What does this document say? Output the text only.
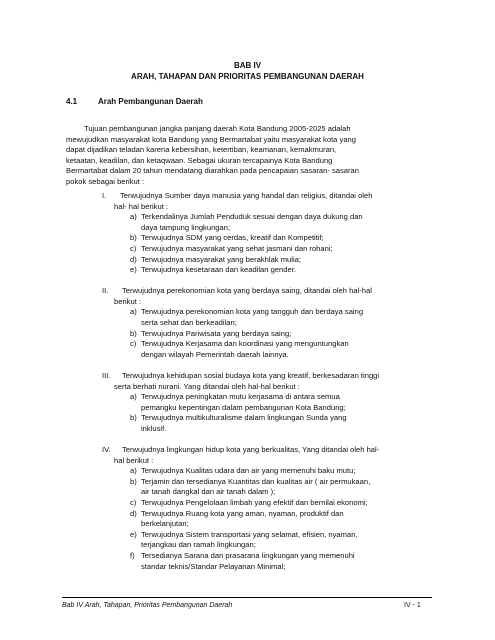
BAB IV
ARAH, TAHAPAN DAN PRIORITAS PEMBANGUNAN DAERAH
4.1	Arah Pembangunan Daerah
Tujuan pembangunan jangka panjang daerah Kota Bandung 2005-2025 adalah
mewujudkan masyarakat kota Bandung yang Bermartabat yaitu masyarakat kota yang
dapat dijadikan teladan karena kebersihan, ketertiban, keamanan, kemakmuran,
ketaatan, keadilan, dan ketaqwaan. Sebagai ukuran tercapainya Kota Bandung
Bermartabat dalam 20 tahun mendatang diarahkan pada pencapaian sasaran- sasaran
pokok sebagai berikut :
I.	Terwujudnya Sumber daya manusia yang handal dan religius, ditandai oleh
hal- hal berikut :
a) Terkendalinya Jumlah Penduduk sesuai dengan daya dukung dan
daya tampung lingkungan;
b) Terwujudnya SDM yang cerdas, kreatif dan Kompetitif;
c) Terwujudnya masyarakat yang sehat jasmani dan rohani;
d) Terwujudnya masyarakat yang berakhlak mulia;
e) Terwujudnya kesetaraan dan keadilan gender.
II.	Terwujudnya perekonomian kota yang berdaya saing, ditandai oleh hal-hal
berikut :
a) Terwujudnya perekonomian kota yang tangguh dan berdaya saing
serta sehat dan berkeadilan;
b) Terwujudnya Pariwisata yang berdaya saing;
c) Terwujudnya Kerjasama dan koordinasi yang menguntungkan
dengan wilayah Pemerintah daerah lainnya.
III.	Terwujudnya kehidupan sosial budaya kota yang kreatif, berkesadaran tinggi
serta berhati nurani. Yang ditandai oleh hal-hal berikut :
a) Terwujudnya peningkatan mutu kerjasama di antara semua
pemangku kepentingan dalam pembangunan Kota Bandung;
b) Terwujudnya multikulturalisme dalam lingkungan Sunda yang
inklusif.
IV.	Terwujudnya lingkungan hidup kota yang berkualitas, Yang ditandai oleh hal-
hal berikut :
a) Terwujudnya Kualitas udara dan air yang memenuhi baku mutu;
b) Terjamin dan tersedianya Kuantitas dan kualitas air ( air permukaan,
air tanah dangkal dan air tanah dalam );
c) Terwujudnya Pengelolaan limbah yang efektif dan bernilai ekonomi;
d) Terwujudnya Ruang kota yang aman, nyaman, produktif dan
berkelanjutan;
e) Terwujudnya Sistem transportasi yang selamat, efisien, nyaman,
terjangkau dan ramah lingkungan;
f) Tersedianya Sarana dan prasarana lingkungan yang memenuhi
standar teknis/Standar Pelayanan Minimal;
Bab IV Arah, Tahapan, Prioritas Pembangunan Daerah	IV - 1
